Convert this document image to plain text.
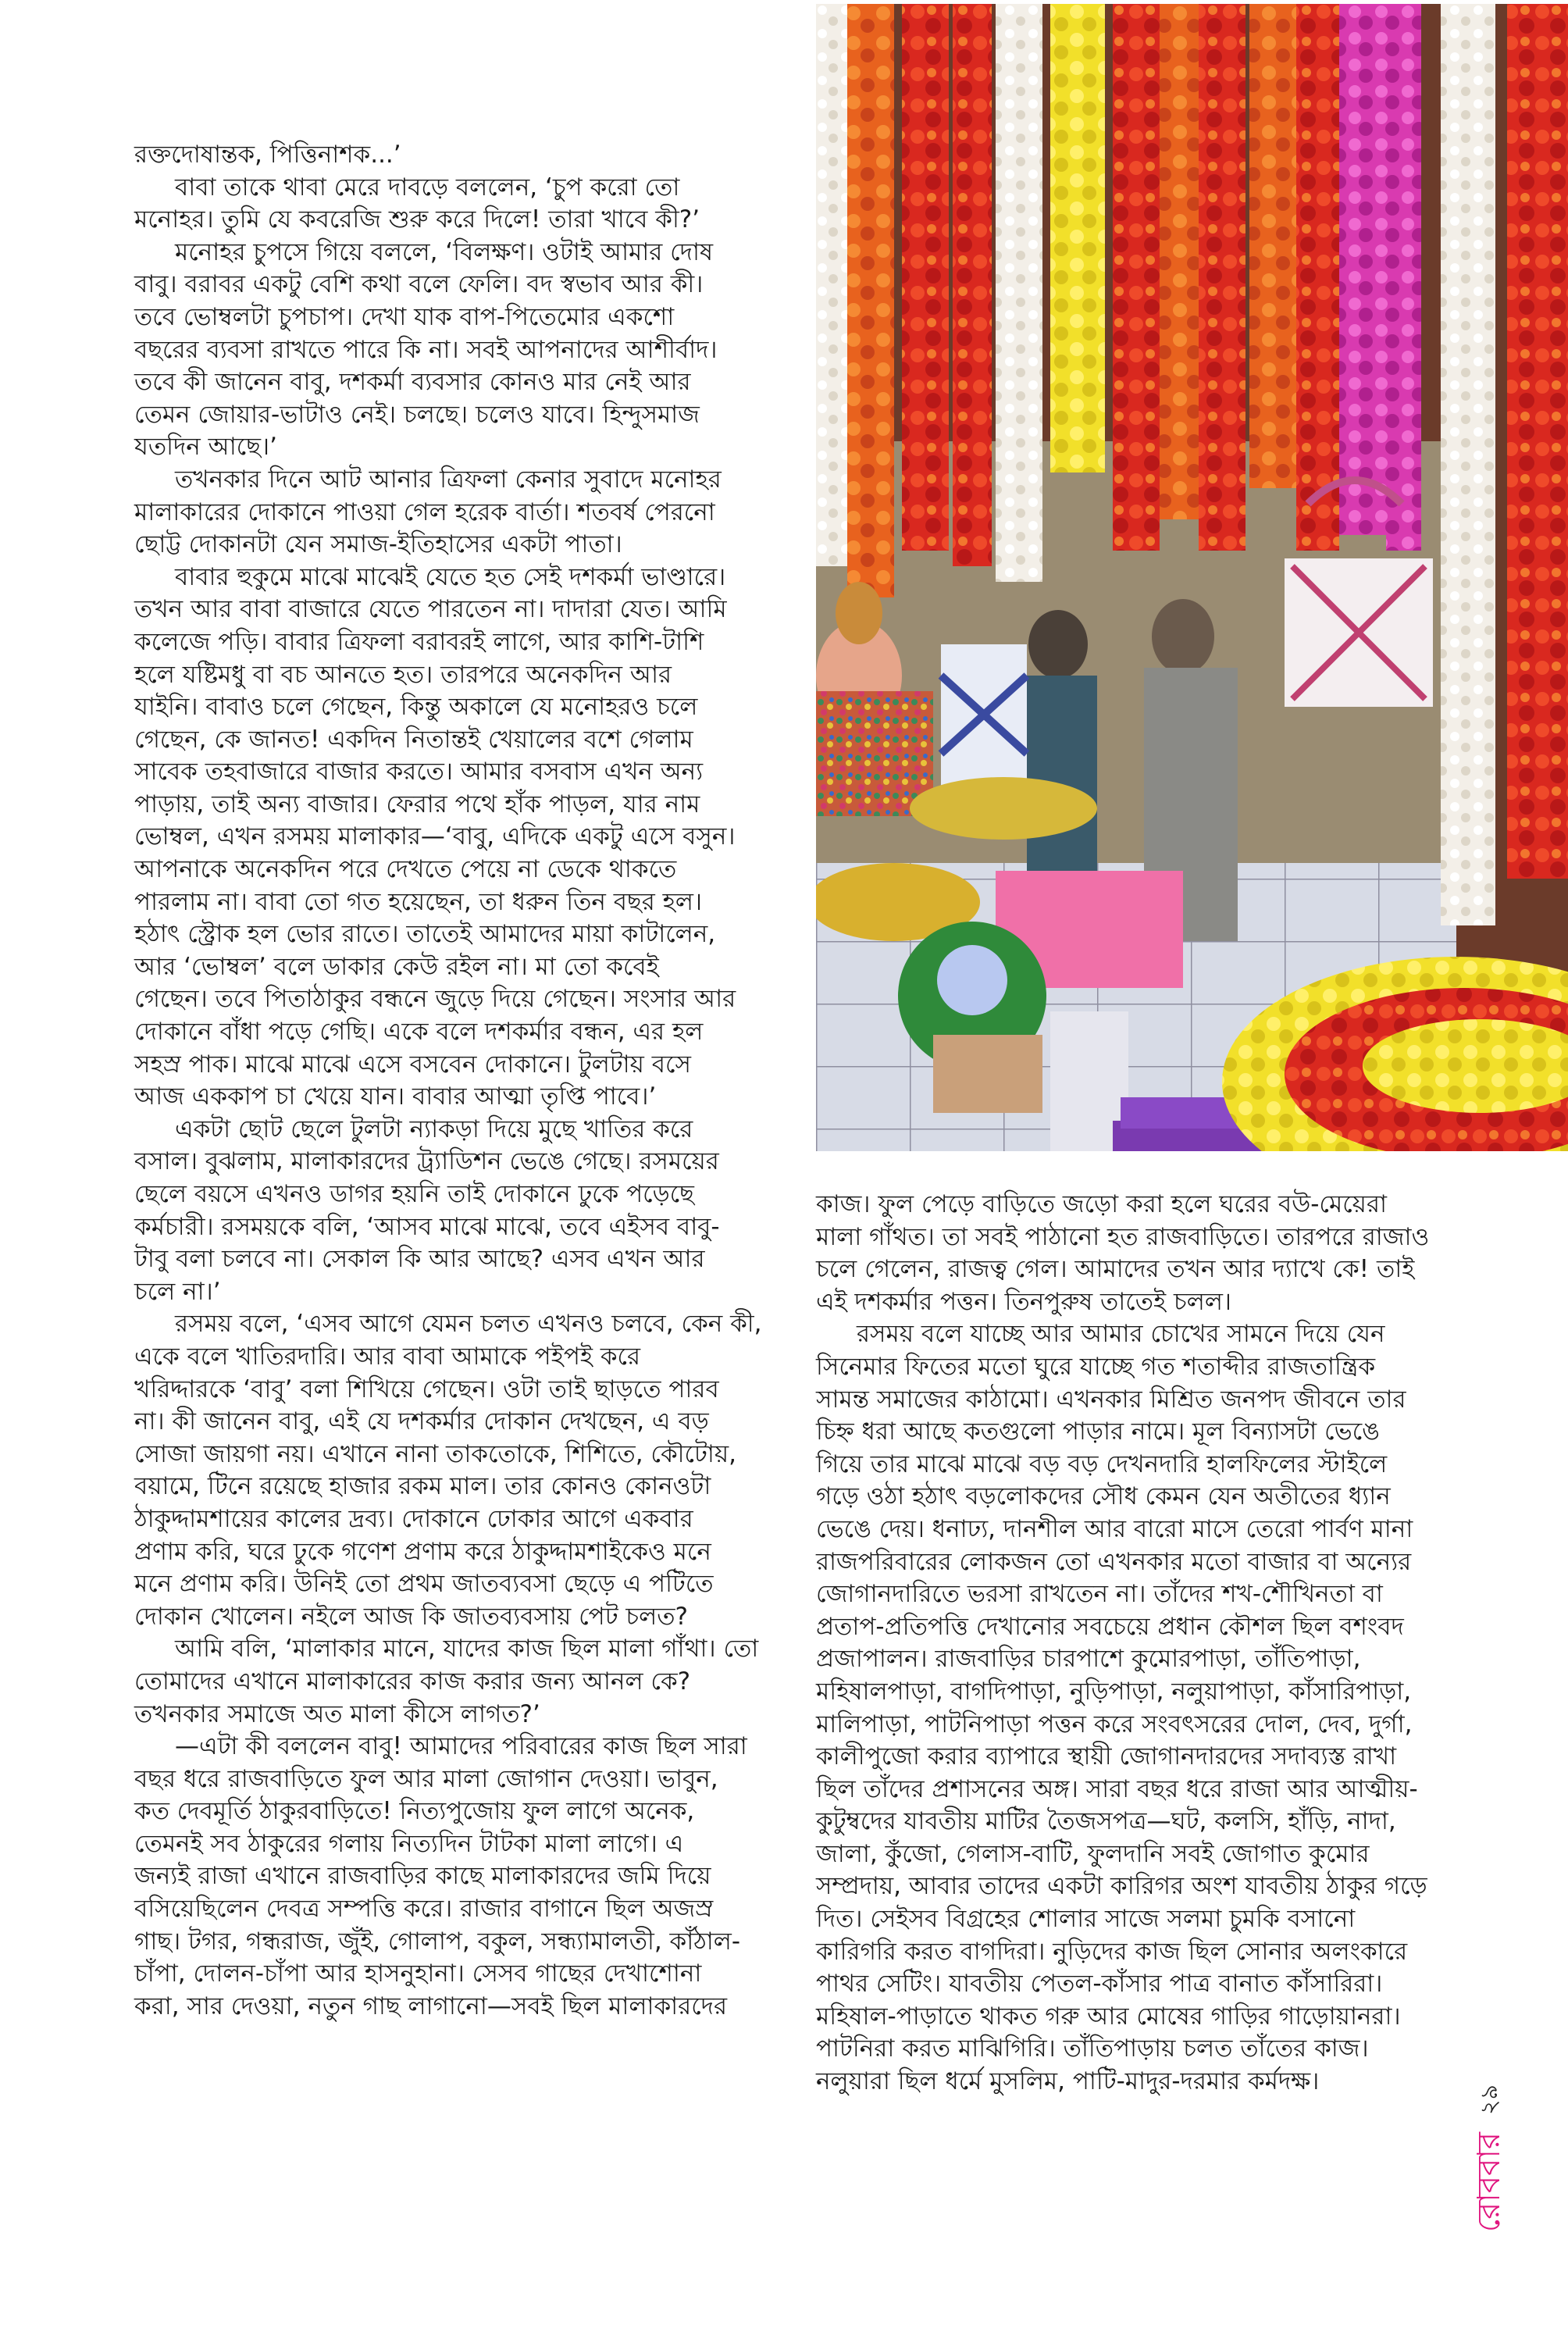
রক্তদোষান্তক, পিত্তিনাশক...’
বাবা তাকে থাবা মেরে দাবড়ে বললেন, ‘চুপ করো তো
মনোহর। তুমি যে কবরেজি শুরু করে দিলে! তারা খাবে কী?’
মনোহর চুপসে গিয়ে বললে, ‘বিলক্ষণ। ওটাই আমার দোষ
বাবু। বরাবর একটু বেশি কথা বলে ফেলি। বদ স্বভাব আর কী।
তবে ভোম্বলটা চুপচাপ। দেখা যাক বাপ-পিতেমোর একশো
বছরের ব্যবসা রাখতে পারে কি না। সবই আপনাদের আশীর্বাদ।
তবে কী জানেন বাবু, দশকর্মা ব্যবসার কোনও মার নেই আর
তেমন জোয়ার-ভাটাও নেই। চলছে। চলেও যাবে। হিন্দুসমাজ
যতদিন আছে।’
তখনকার দিনে আট আনার ত্রিফলা কেনার সুবাদে মনোহর
মালাকারের দোকানে পাওয়া গেল হরেক বার্তা। শতবর্ষ পেরনো
ছোট্ট দোকানটা যেন সমাজ-ইতিহাসের একটা পাতা।
বাবার হুকুমে মাঝে মাঝেই যেতে হত সেই দশকর্মা ভাণ্ডারে।
তখন আর বাবা বাজারে যেতে পারতেন না। দাদারা যেত। আমি
কলেজে পড়ি। বাবার ত্রিফলা বরাবরই লাগে, আর কাশি-টাশি
হলে যষ্টিমধু বা বচ আনতে হত। তারপরে অনেকদিন আর
যাইনি। বাবাও চলে গেছেন, কিন্তু অকালে যে মনোহরও চলে
গেছেন, কে জানত! একদিন নিতান্তই খেয়ালের বশে গেলাম
সাবেক তহবাজারে বাজার করতে। আমার বসবাস এখন অন্য
পাড়ায়, তাই অন্য বাজার। ফেরার পথে হাঁক পাড়ল, যার নাম
ভোম্বল, এখন রসময় মালাকার—‘বাবু, এদিকে একটু এসে বসুন।
আপনাকে অনেকদিন পরে দেখতে পেয়ে না ডেকে থাকতে
পারলাম না। বাবা তো গত হয়েছেন, তা ধরুন তিন বছর হল।
হঠাৎ স্ট্রোক হল ভোর রাতে। তাতেই আমাদের মায়া কাটালেন,
আর ‘ভোম্বল’ বলে ডাকার কেউ রইল না। মা তো কবেই
গেছেন। তবে পিতাঠাকুর বন্ধনে জুড়ে দিয়ে গেছেন। সংসার আর
দোকানে বাঁধা পড়ে গেছি। একে বলে দশকর্মার বন্ধন, এর হল
সহস্র পাক। মাঝে মাঝে এসে বসবেন দোকানে। টুলটায় বসে
আজ এককাপ চা খেয়ে যান। বাবার আত্মা তৃপ্তি পাবে।’
একটা ছোট ছেলে টুলটা ন্যাকড়া দিয়ে মুছে খাতির করে
বসাল। বুঝলাম, মালাকারদের ট্র্যাডিশন ভেঙে গেছে। রসময়ের
ছেলে বয়সে এখনও ডাগর হয়নি তাই দোকানে ঢুকে পড়েছে
কর্মচারী। রসময়কে বলি, ‘আসব মাঝে মাঝে, তবে এইসব বাবু-
টাবু বলা চলবে না। সেকাল কি আর আছে? এসব এখন আর
চলে না।’
রসময় বলে, ‘এসব আগে যেমন চলত এখনও চলবে, কেন কী,
একে বলে খাতিরদারি। আর বাবা আমাকে পইপই করে
খরিদ্দারকে ‘বাবু’ বলা শিখিয়ে গেছেন। ওটা তাই ছাড়তে পারব
না। কী জানেন বাবু, এই যে দশকর্মার দোকান দেখছেন, এ বড়
সোজা জায়গা নয়। এখানে নানা তাকতোকে, শিশিতে, কৌটোয়,
বয়ামে, টিনে রয়েছে হাজার রকম মাল। তার কোনও কোনওটা
ঠাকুদ্দামশায়ের কালের দ্রব্য। দোকানে ঢোকার আগে একবার
প্রণাম করি, ঘরে ঢুকে গণেশ প্রণাম করে ঠাকুদ্দামশাইকেও মনে
মনে প্রণাম করি। উনিই তো প্রথম জাতব্যবসা ছেড়ে এ পটিতে
দোকান খোলেন। নইলে আজ কি জাতব্যবসায় পেট চলত?
আমি বলি, ‘মালাকার মানে, যাদের কাজ ছিল মালা গাঁথা। তো
তোমাদের এখানে মালাকারের কাজ করার জন্য আনল কে?
তখনকার সমাজে অত মালা কীসে লাগত?’
—এটা কী বললেন বাবু! আমাদের পরিবারের কাজ ছিল সারা
বছর ধরে রাজবাড়িতে ফুল আর মালা জোগান দেওয়া। ভাবুন,
কত দেবমূর্তি ঠাকুরবাড়িতে! নিত্যপুজোয় ফুল লাগে অনেক,
তেমনই সব ঠাকুরের গলায় নিত্যদিন টাটকা মালা লাগে। এ
জন্যই রাজা এখানে রাজবাড়ির কাছে মালাকারদের জমি দিয়ে
বসিয়েছিলেন দেবত্র সম্পত্তি করে। রাজার বাগানে ছিল অজস্র
গাছ। টগর, গন্ধরাজ, জুঁই, গোলাপ, বকুল, সন্ধ্যামালতী, কাঁঠাল-
চাঁপা, দোলন-চাঁপা আর হাসনুহানা। সেসব গাছের দেখাশোনা
করা, সার দেওয়া, নতুন গাছ লাগানো—সবই ছিল মালাকারদের
কাজ। ফুল পেড়ে বাড়িতে জড়ো করা হলে ঘরের বউ-মেয়েরা
মালা গাঁথত। তা সবই পাঠানো হত রাজবাড়িতে। তারপরে রাজাও
চলে গেলেন, রাজত্ব গেল। আমাদের তখন আর দ্যাখে কে! তাই
এই দশকর্মার পত্তন। তিনপুরুষ তাতেই চলল।
রসময় বলে যাচ্ছে আর আমার চোখের সামনে দিয়ে যেন
সিনেমার ফিতের মতো ঘুরে যাচ্ছে গত শতাব্দীর রাজতান্ত্রিক
সামন্ত সমাজের কাঠামো। এখনকার মিশ্রিত জনপদ জীবনে তার
চিহ্ন ধরা আছে কতগুলো পাড়ার নামে। মূল বিন্যাসটা ভেঙে
গিয়ে তার মাঝে মাঝে বড় বড় দেখনদারি হালফিলের স্টাইলে
গড়ে ওঠা হঠাৎ বড়লোকদের সৌধ কেমন যেন অতীতের ধ্যান
ভেঙে দেয়। ধনাঢ্য, দানশীল আর বারো মাসে তেরো পার্বণ মানা
রাজপরিবারের লোকজন তো এখনকার মতো বাজার বা অন্যের
জোগানদারিতে ভরসা রাখতেন না। তাঁদের শখ-শৌখিনতা বা
প্রতাপ-প্রতিপত্তি দেখানোর সবচেয়ে প্রধান কৌশল ছিল বশংবদ
প্রজাপালন। রাজবাড়ির চারপাশে কুমোরপাড়া, তাঁতিপাড়া,
মহিষালপাড়া, বাগদিপাড়া, নুড়িপাড়া, নলুয়াপাড়া, কাঁসারিপাড়া,
মালিপাড়া, পাটনিপাড়া পত্তন করে সংবৎসরের দোল, দেব, দুর্গা,
কালীপুজো করার ব্যাপারে স্থায়ী জোগানদারদের সদাব্যস্ত রাখা
ছিল তাঁদের প্রশাসনের অঙ্গ। সারা বছর ধরে রাজা আর আত্মীয়-
কুটুম্বদের যাবতীয় মাটির তৈজসপত্র—ঘট, কলসি, হাঁড়ি, নাদা,
জালা, কুঁজো, গেলাস-বাটি, ফুলদানি সবই জোগাত কুমোর
সম্প্রদায়, আবার তাদের একটা কারিগর অংশ যাবতীয় ঠাকুর গড়ে
দিত। সেইসব বিগ্রহের শোলার সাজে সলমা চুমকি বসানো
কারিগরি করত বাগদিরা। নুড়িদের কাজ ছিল সোনার অলংকারে
পাথর সেটিং। যাবতীয় পেতল-কাঁসার পাত্র বানাত কাঁসারিরা।
মহিষাল-পাড়াতে থাকত গরু আর মোষের গাড়ির গাড়োয়ানরা।
পাটনিরা করত মাঝিগিরি। তাঁতিপাড়ায় চলত তাঁতের কাজ।
নলুয়ারা ছিল ধর্মে মুসলিম, পাটি-মাদুর-দরমার কর্মদক্ষ।
রোববার
২৯
